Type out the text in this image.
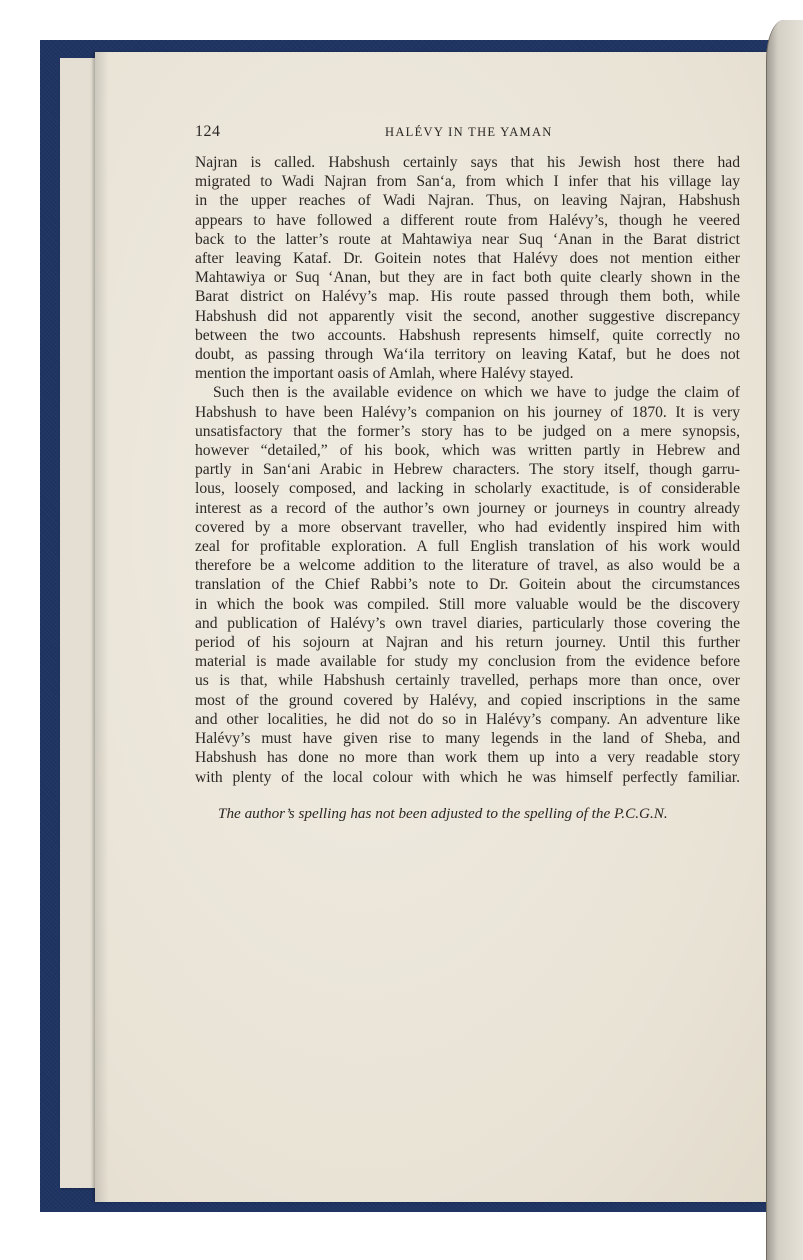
124	HALÉVY IN THE YAMAN
Najran is called. Habshush certainly says that his Jewish host there had
migrated to Wadi Najran from San‘a, from which I infer that his village lay
in the upper reaches of Wadi Najran. Thus, on leaving Najran, Habshush
appears to have followed a different route from Halévy’s, though he veered
back to the latter’s route at Mahtawiya near Suq ‘Anan in the Barat district
after leaving Kataf. Dr. Goitein notes that Halévy does not mention either
Mahtawiya or Suq ‘Anan, but they are in fact both quite clearly shown in the
Barat district on Halévy’s map. His route passed through them both, while
Habshush did not apparently visit the second, another suggestive discrepancy
between the two accounts. Habshush represents himself, quite correctly no
doubt, as passing through Wa‘ila territory on leaving Kataf, but he does not
mention the important oasis of Amlah, where Halévy stayed.
Such then is the available evidence on which we have to judge the claim of
Habshush to have been Halévy’s companion on his journey of 1870. It is very
unsatisfactory that the former’s story has to be judged on a mere synopsis,
however “detailed,” of his book, which was written partly in Hebrew and
partly in San‘ani Arabic in Hebrew characters. The story itself, though garru-
lous, loosely composed, and lacking in scholarly exactitude, is of considerable
interest as a record of the author’s own journey or journeys in country already
covered by a more observant traveller, who had evidently inspired him with
zeal for profitable exploration. A full English translation of his work would
therefore be a welcome addition to the literature of travel, as also would be a
translation of the Chief Rabbi’s note to Dr. Goitein about the circumstances
in which the book was compiled. Still more valuable would be the discovery
and publication of Halévy’s own travel diaries, particularly those covering the
period of his sojourn at Najran and his return journey. Until this further
material is made available for study my conclusion from the evidence before
us is that, while Habshush certainly travelled, perhaps more than once, over
most of the ground covered by Halévy, and copied inscriptions in the same
and other localities, he did not do so in Halévy’s company. An adventure like
Halévy’s must have given rise to many legends in the land of Sheba, and
Habshush has done no more than work them up into a very readable story
with plenty of the local colour with which he was himself perfectly familiar.
The author’s spelling has not been adjusted to the spelling of the P.C.G.N.
